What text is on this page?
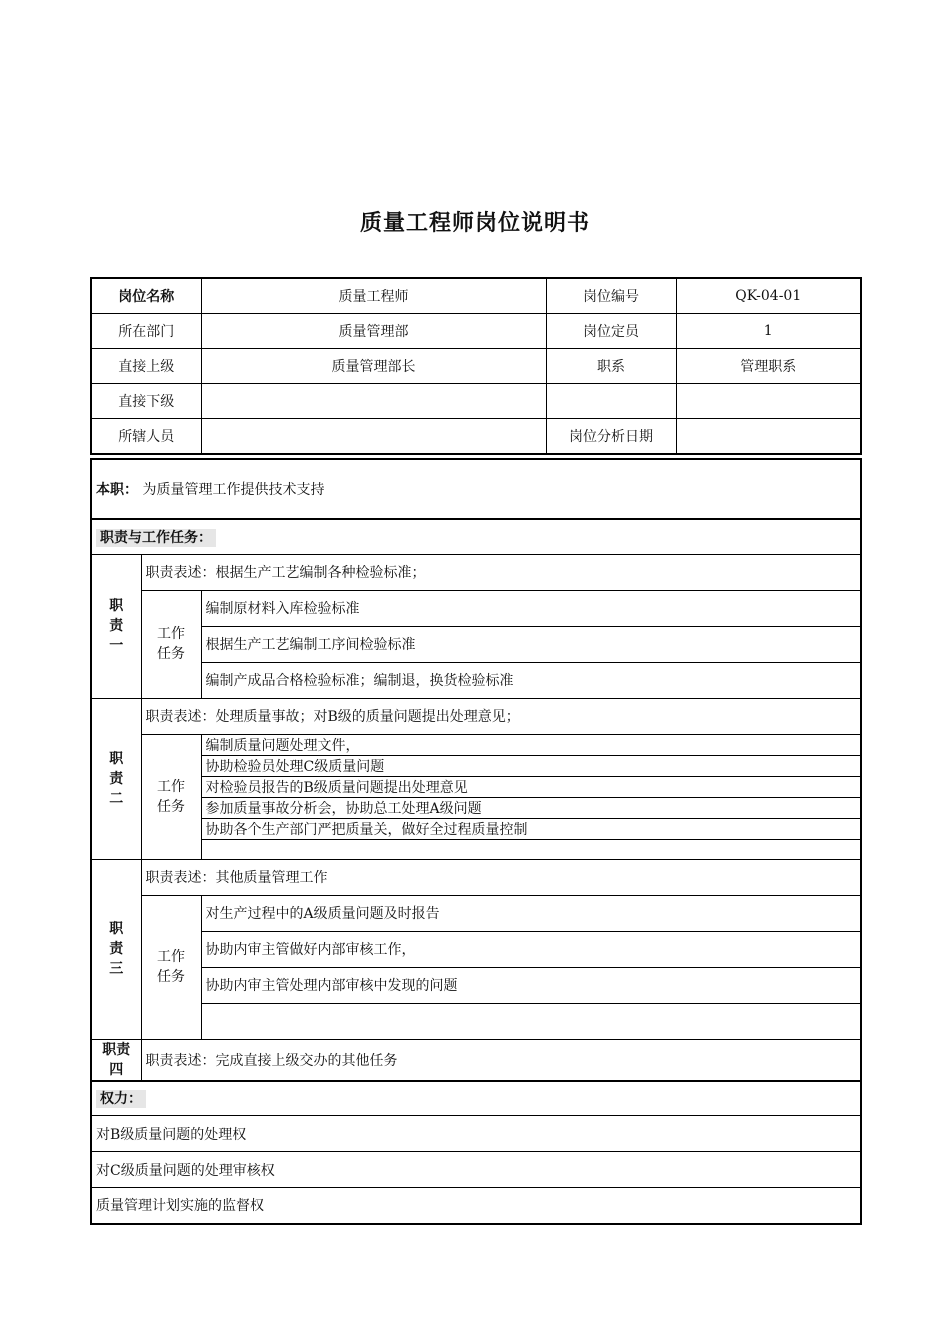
质量工程师岗位说明书
岗位名称	质量工程师	岗位编号	QK-04-01
所在部门	质量管理部	岗位定员	1
直接上级	质量管理部长	职系	管理职系
直接下级			
所辖人员		岗位分析日期	
本职： 为质量管理工作提供技术支持		
职责与工作任务：		
职责一	职责表述：根据生产工艺编制各种检验标准；	
	工作任务	编制原材料入库检验标准
		根据生产工艺编制工序间检验标准
		编制产成品合格检验标准；编制退，换货检验标准
职责二	职责表述：处理质量事故；对B级的质量问题提出处理意见；	
	工作任务	编制质量问题处理文件，
		协助检验员处理C级质量问题
		对检验员报告的B级质量问题提出处理意见
		参加质量事故分析会，协助总工处理A级问题
		协助各个生产部门严把质量关，做好全过程质量控制

职责三	职责表述：其他质量管理工作	
	工作任务	对生产过程中的A级质量问题及时报告
		协助内审主管做好内部审核工作，
		协助内审主管处理内部审核中发现的问题

职责四	职责表述：完成直接上级交办的其他任务	
权力：		
对B级质量问题的处理权		
对C级质量问题的处理审核权		
质量管理计划实施的监督权		
